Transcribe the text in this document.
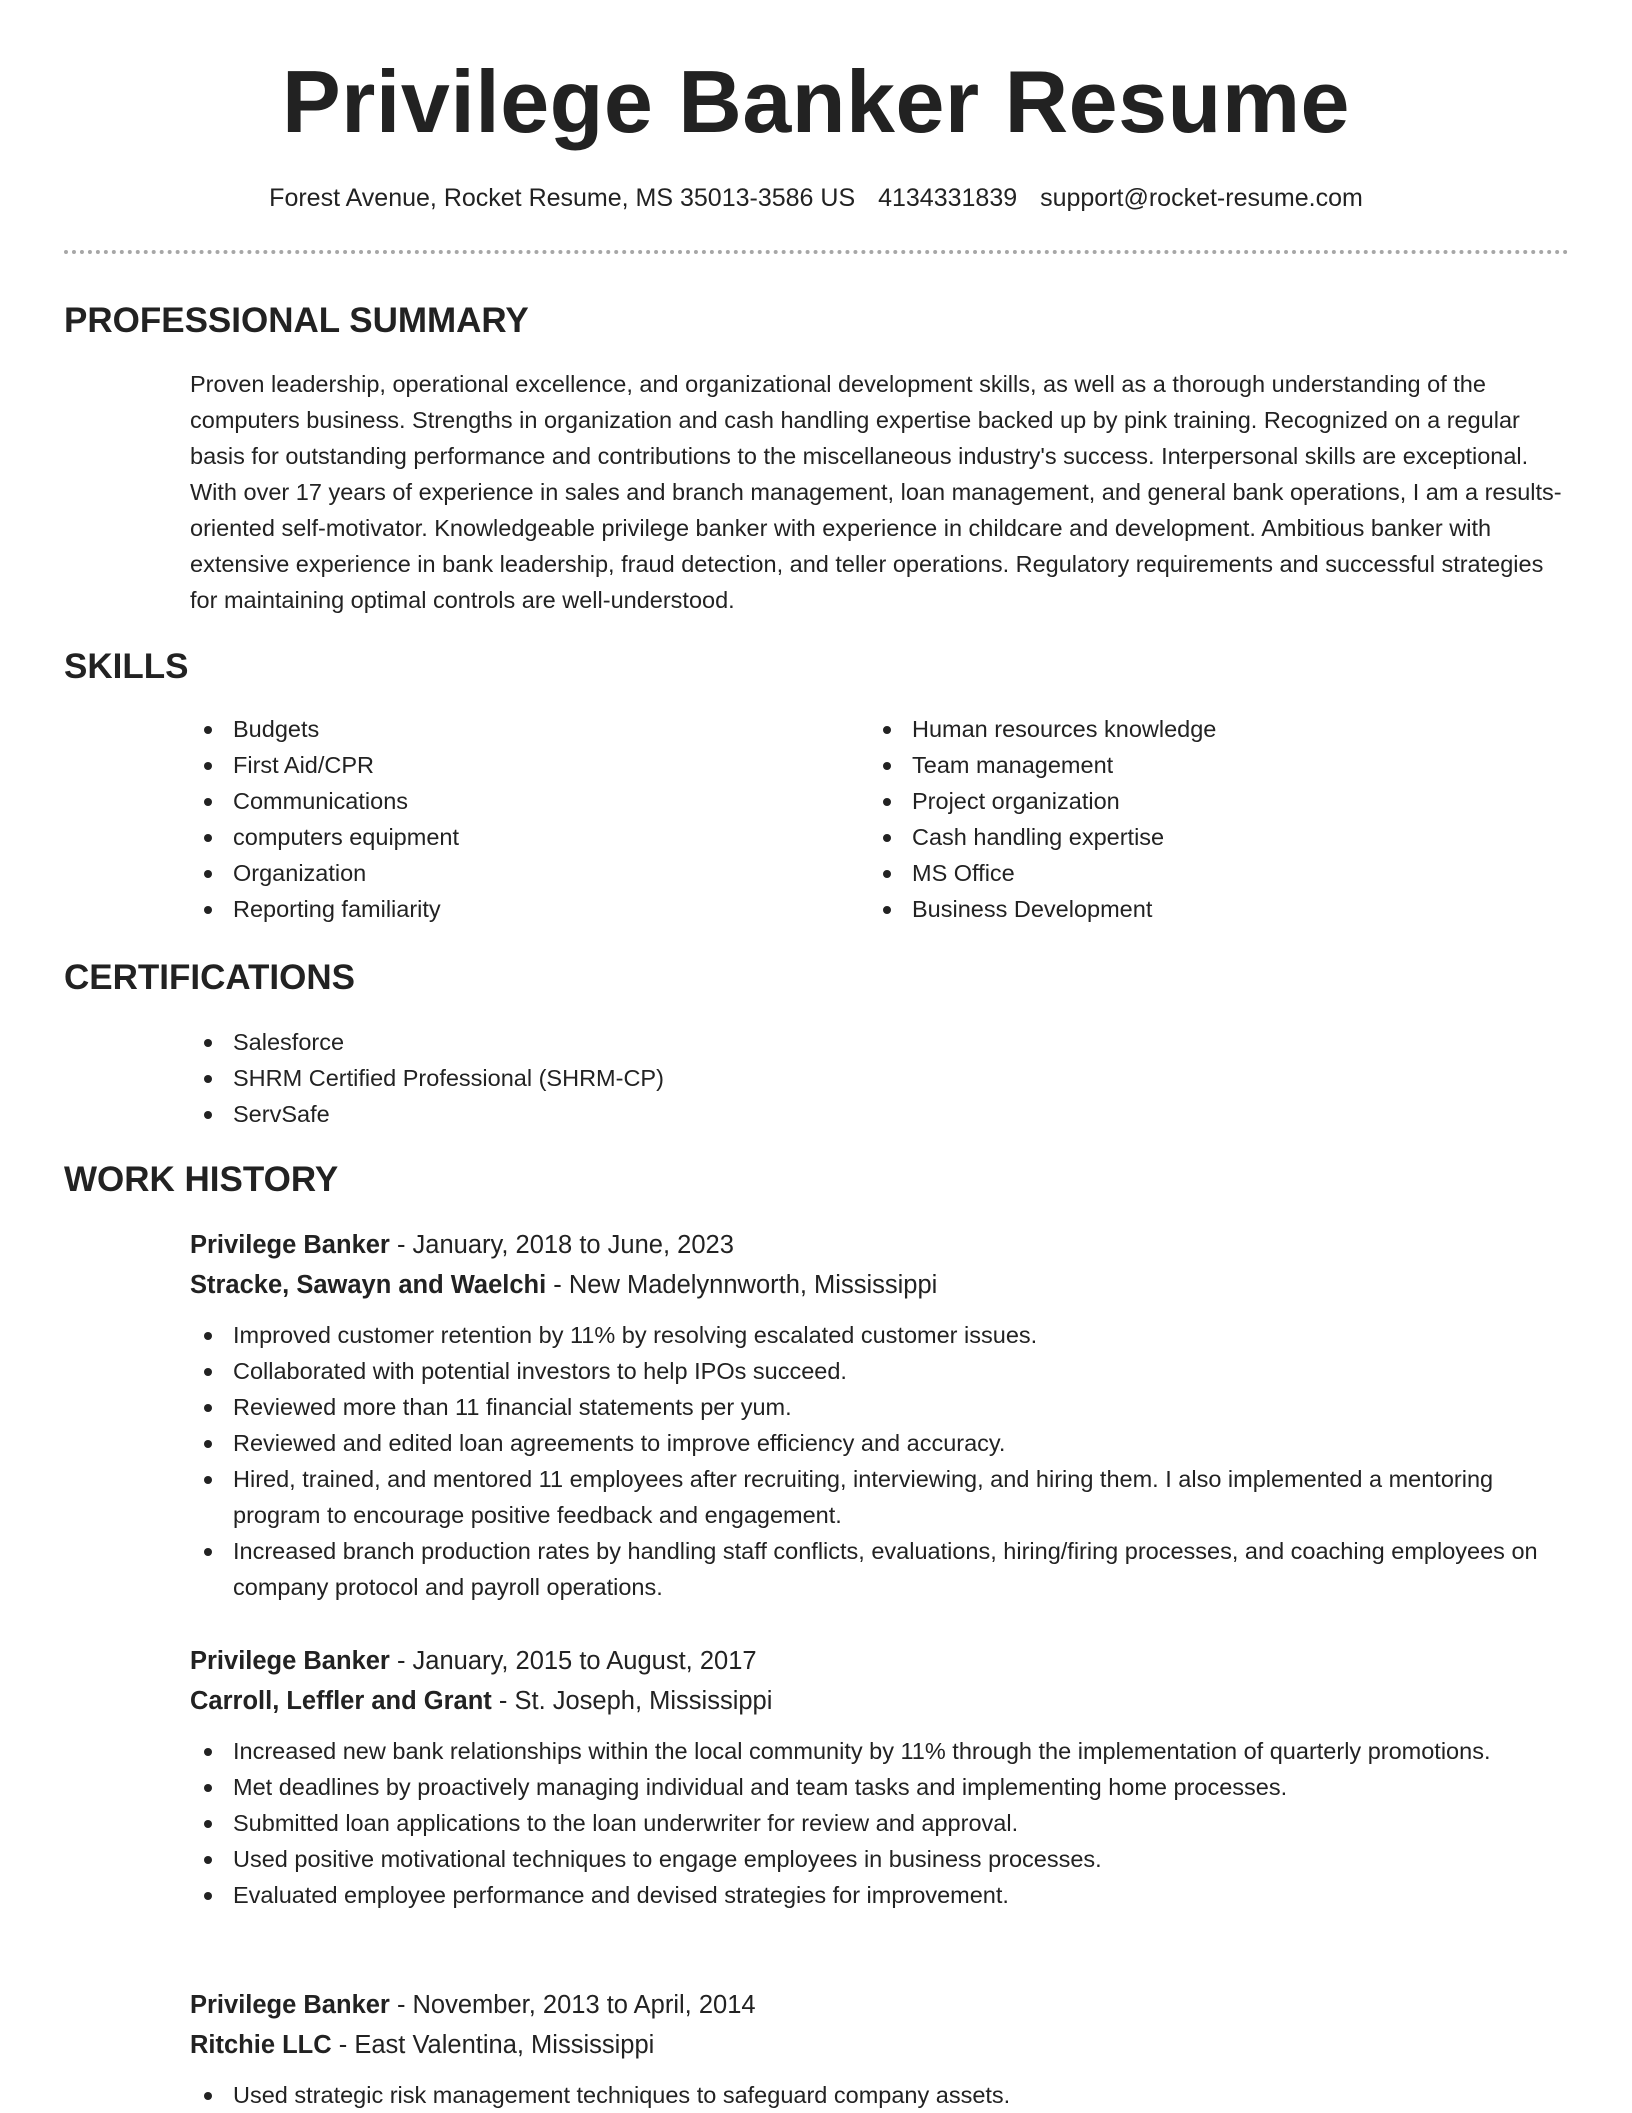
Privilege Banker Resume
Forest Avenue, Rocket Resume, MS 35013-3586 US 4134331839 support@rocket-resume.com
PROFESSIONAL SUMMARY

Proven leadership, operational excellence, and organizational development skills, as well as a thorough understanding of the computers business. Strengths in organization and cash handling expertise backed up by pink training. Recognized on a regular basis for outstanding performance and contributions to the miscellaneous industry's success. Interpersonal skills are exceptional. With over 17 years of experience in sales and branch management, loan management, and general bank operations, I am a results-oriented self-motivator. Knowledgeable privilege banker with experience in childcare and development. Ambitious banker with extensive experience in bank leadership, fraud detection, and teller operations. Regulatory requirements and successful strategies for maintaining optimal controls are well-understood.

SKILLS
Budgets
First Aid/CPR
Communications
computers equipment
Organization
Reporting familiarity
Human resources knowledge
Team management
Project organization
Cash handling expertise
MS Office
Business Development
CERTIFICATIONS
Salesforce
SHRM Certified Professional (SHRM-CP)
ServSafe
WORK HISTORY
Privilege Banker - January, 2018 to June, 2023
Stracke, Sawayn and Waelchi - New Madelynnworth, Mississippi
Improved customer retention by 11% by resolving escalated customer issues.
Collaborated with potential investors to help IPOs succeed.
Reviewed more than 11 financial statements per yum.
Reviewed and edited loan agreements to improve efficiency and accuracy.
Hired, trained, and mentored 11 employees after recruiting, interviewing, and hiring them. I also implemented a mentoring program to encourage positive feedback and engagement.
Increased branch production rates by handling staff conflicts, evaluations, hiring/firing processes, and coaching employees on company protocol and payroll operations.
Privilege Banker - January, 2015 to August, 2017
Carroll, Leffler and Grant - St. Joseph, Mississippi
Increased new bank relationships within the local community by 11% through the implementation of quarterly promotions.
Met deadlines by proactively managing individual and team tasks and implementing home processes.
Submitted loan applications to the loan underwriter for review and approval.
Used positive motivational techniques to engage employees in business processes.
Evaluated employee performance and devised strategies for improvement.
Privilege Banker - November, 2013 to April, 2014
Ritchie LLC - East Valentina, Mississippi
Used strategic risk management techniques to safeguard company assets.
